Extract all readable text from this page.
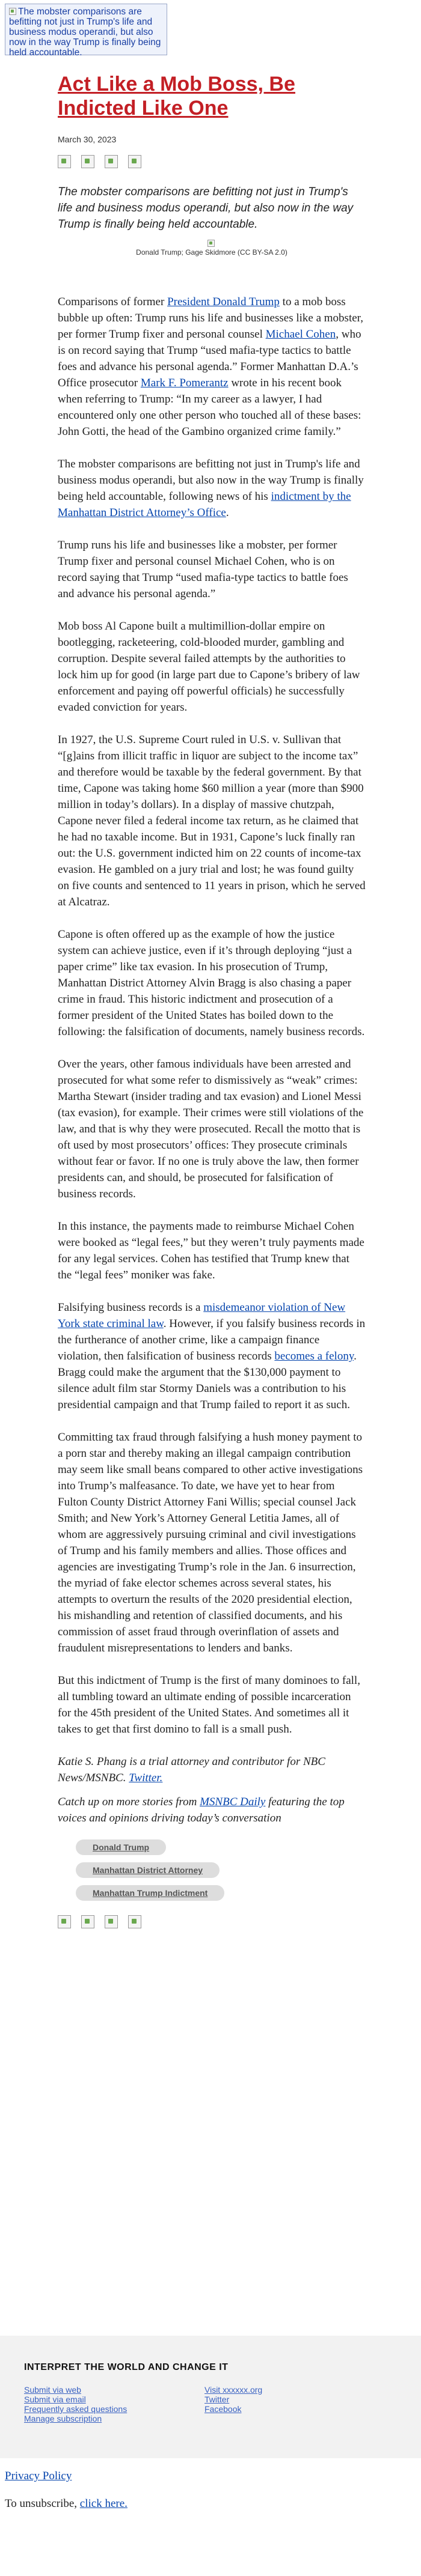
The mobster comparisons are befitting not just in Trump's life and business modus operandi, but also now in the way Trump is finally being held accountable.
Act Like a Mob Boss, Be Indicted Like One
March 30, 2023
The mobster comparisons are befitting not just in Trump's life and business modus operandi, but also now in the way Trump is finally being held accountable.
Donald Trump; Gage Skidmore (CC BY-SA 2.0)

Comparisons of former President Donald Trump to a mob boss bubble up often: Trump runs his life and businesses like a mobster, per former Trump fixer and personal counsel Michael Cohen, who is on record saying that Trump “used mafia-type tactics to battle foes and advance his personal agenda.” Former Manhattan D.A.’s Office prosecutor Mark F. Pomerantz wrote in his recent book when referring to Trump: “In my career as a lawyer, I had encountered only one other person who touched all of these bases: John Gotti, the head of the Gambino organized crime family.”

The mobster comparisons are befitting not just in Trump's life and business modus operandi, but also now in the way Trump is finally being held accountable, following news of his indictment by the Manhattan District Attorney’s Office.

Trump runs his life and businesses like a mobster, per former Trump fixer and personal counsel Michael Cohen, who is on record saying that Trump “used mafia-type tactics to battle foes and advance his personal agenda.”

Mob boss Al Capone built a multimillion-dollar empire on bootlegging, racketeering, cold-blooded murder, gambling and corruption. Despite several failed attempts by the authorities to lock him up for good (in large part due to Capone’s bribery of law enforcement and paying off powerful officials) he successfully evaded conviction for years.

In 1927, the U.S. Supreme Court ruled in U.S. v. Sullivan that “[g]ains from illicit traffic in liquor are subject to the income tax” and therefore would be taxable by the federal government. By that time, Capone was taking home $60 million a year (more than $900 million in today’s dollars). In a display of massive chutzpah, Capone never filed a federal income tax return, as he claimed that he had no taxable income. But in 1931, Capone’s luck finally ran out: the U.S. government indicted him on 22 counts of income-tax evasion. He gambled on a jury trial and lost; he was found guilty on five counts and sentenced to 11 years in prison, which he served at Alcatraz.

Capone is often offered up as the example of how the justice system can achieve justice, even if it’s through deploying “just a paper crime” like tax evasion. In his prosecution of Trump, Manhattan District Attorney Alvin Bragg is also chasing a paper crime in fraud. This historic indictment and prosecution of a former president of the United States has boiled down to the following: the falsification of documents, namely business records.

Over the years, other famous individuals have been arrested and prosecuted for what some refer to dismissively as “weak” crimes: Martha Stewart (insider trading and tax evasion) and Lionel Messi (tax evasion), for example. Their crimes were still violations of the law, and that is why they were prosecuted. Recall the motto that is oft used by most prosecutors’ offices: They prosecute criminals without fear or favor. If no one is truly above the law, then former presidents can, and should, be prosecuted for falsification of business records.

In this instance, the payments made to reimburse Michael Cohen were booked as “legal fees,” but they weren’t truly payments made for any legal services. Cohen has testified that Trump knew that the “legal fees” moniker was fake.

Falsifying business records is a misdemeanor violation of New York state criminal law. However, if you falsify business records in the furtherance of another crime, like a campaign finance violation, then falsification of business records becomes a felony. Bragg could make the argument that the $130,000 payment to silence adult film star Stormy Daniels was a contribution to his presidential campaign and that Trump failed to report it as such.

Committing tax fraud through falsifying a hush money payment to a porn star and thereby making an illegal campaign contribution may seem like small beans compared to other active investigations into Trump’s malfeasance. To date, we have yet to hear from Fulton County District Attorney Fani Willis; special counsel Jack Smith; and New York’s Attorney General Letitia James, all of whom are aggressively pursuing criminal and civil investigations of Trump and his family members and allies. Those offices and agencies are investigating Trump’s role in the Jan. 6 insurrection, the myriad of fake elector schemes across several states, his attempts to overturn the results of the 2020 presidential election, his mishandling and retention of classified documents, and his commission of asset fraud through overinflation of assets and fraudulent misrepresentations to lenders and banks.

But this indictment of Trump is the first of many dominoes to fall, all tumbling toward an ultimate ending of possible incarceration for the 45th president of the United States. And sometimes all it takes to get that first domino to fall is a small push.

Katie S. Phang is a trial attorney and contributor for NBC News/MSNBC. Twitter.

Catch up on more stories from MSNBC Daily featuring the top voices and opinions driving today’s conversation

Donald Trump
Manhattan District Attorney
Manhattan Trump Indictment
INTERPRET THE WORLD AND CHANGE IT
Submit via web
Submit via email
Frequently asked questions
Manage subscription
Visit xxxxxx.org
Twitter
Facebook
Privacy Policy
To unsubscribe, click here.
